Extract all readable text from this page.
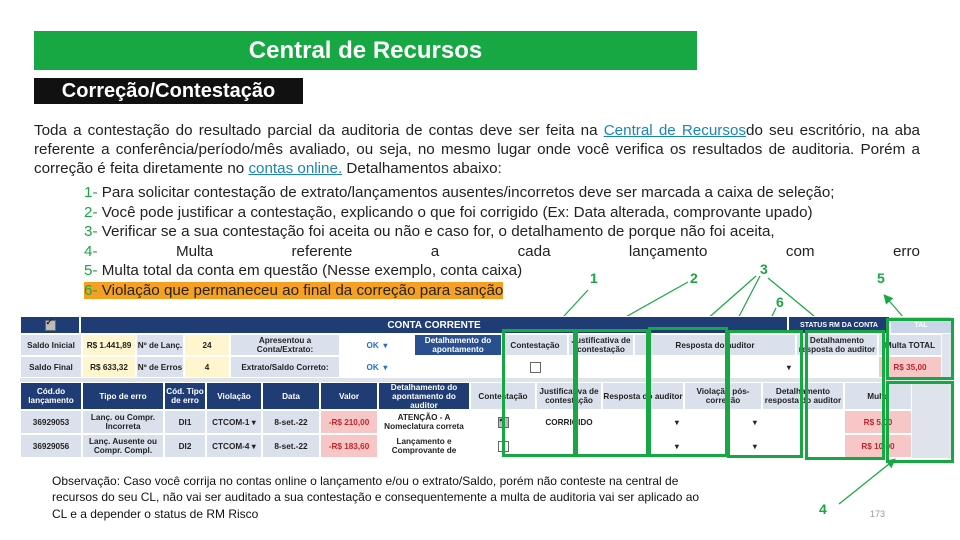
Central de Recursos
Correção/Contestação
Toda a contestação do resultado parcial da auditoria de contas deve ser feita na Central de Recursosdo seu escritório, na aba referente a conferência/período/mês avaliado, ou seja, no mesmo lugar onde você verifica os resultados de auditoria. Porém a correção é feita diretamente no contas online. Detalhamentos abaixo:
1- Para solicitar contestação de extrato/lançamentos ausentes/incorretos deve ser marcada a caixa de seleção;
2- Você pode justificar a contestação, explicando o que foi corrigido (Ex: Data alterada, comprovante upado)
3- Verificar se a sua contestação foi aceita ou não e caso for, o detalhamento de porque não foi aceita,
4- Multa referente a cada lançamento com erro
5- Multa total da conta em questão (Nesse exemplo, conta caixa)
6- Violação que permaneceu ao final da correção para sanção
1	2
3
4
5
6
✓
CONTA CORRENTE	STATUS RM DA CONTA	TAL
Saldo Inicial	R$ 1.441,89 Nº de Lanç.	24	Apresentou a Conta/Extrato:	OK
▾	Detalhamento do apontamento	Contestação	Justificativa de contestação	Resposta do auditor	Detalhamento resposta do auditor	Multa TOTAL
Saldo Final	R$ 633,32	Nº de Erros	4	Extrato/Saldo Correto:	OK
▾	▾	R$ 35,00
Cód.do lançamento	Tipo de erro	Cód. Tipo de erro	Violação	Data	Valor
Detalhamento do apontamento do auditor
Contestação	Justificativa de contestação	Resposta do auditor	Violação pós-correção
Detalhamento resposta do auditor	Multa
36929053	Lanç. ou Compr. Incorreta	DI1	CTCOM-1
▾	8-set.-22	-R$ 210,00	ATENÇÃO - A Nomeclatura correta
✓	CORRIGIDO	▾	▾	R$ 5,00
36929056	Lanç. Ausente ou Compr. Compl.	DI2	CTCOM-4
▾	8-set.-22	-R$ 183,60	Lançamento e Comprovante de	▾	▾	R$ 10,00
Observação: Caso você corrija no contas online o lançamento e/ou o extrato/Saldo, porém não conteste na central de recursos do seu CL, não vai ser auditado a sua contestação e consequentemente a multa de auditoria vai ser aplicado ao CL e a depender o status de RM Risco	173
